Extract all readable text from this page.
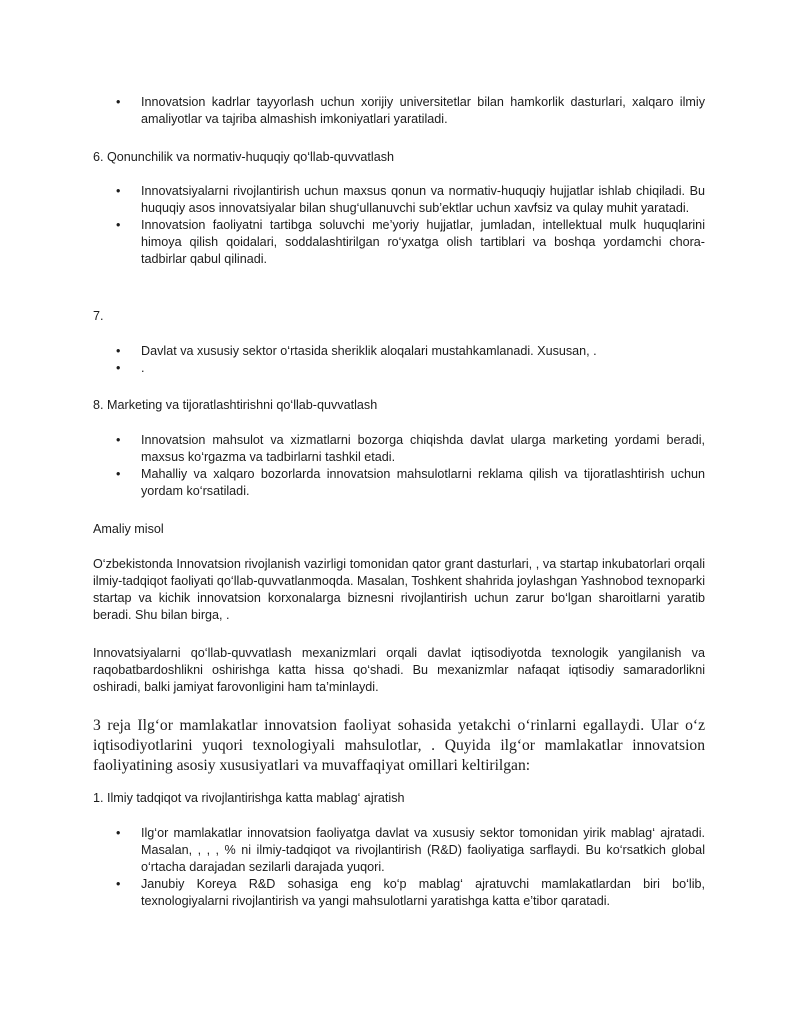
• Innovatsion kadrlar tayyorlash uchun xorijiy universitetlar bilan hamkorlik dasturlari, xalqaro ilmiy amaliyotlar va tajriba almashish imkoniyatlari yaratiladi.

6. Qonunchilik va normativ-huquqiy qo‘llab-quvvatlash

• Innovatsiyalarni rivojlantirish uchun maxsus qonun va normativ-huquqiy hujjatlar ishlab chiqiladi. Bu huquqiy asos innovatsiyalar bilan shug‘ullanuvchi sub’ektlar uchun xavfsiz va qulay muhit yaratadi.
• Innovatsion faoliyatni tartibga soluvchi me’yoriy hujjatlar, jumladan, intellektual mulk huquqlarini himoya qilish qoidalari, soddalashtirilgan ro‘yxatga olish tartiblari va boshqa yordamchi chora-tadbirlar qabul qilinadi.

7.

• Davlat va xususiy sektor o‘rtasida sheriklik aloqalari mustahkamlanadi. Xususan, .
• .

8. Marketing va tijoratlashtirishni qo‘llab-quvvatlash

• Innovatsion mahsulot va xizmatlarni bozorga chiqishda davlat ularga marketing yordami beradi, maxsus ko‘rgazma va tadbirlarni tashkil etadi.
• Mahalliy va xalqaro bozorlarda innovatsion mahsulotlarni reklama qilish va tijoratlashtirish uchun yordam ko‘rsatiladi.

Amaliy misol

O‘zbekistonda Innovatsion rivojlanish vazirligi tomonidan qator grant dasturlari, , va startap inkubatorlari orqali ilmiy-tadqiqot faoliyati qo‘llab-quvvatlanmoqda. Masalan, Toshkent shahrida joylashgan Yashnobod texnoparki startap va kichik innovatsion korxonalarga biznesni rivojlantirish uchun zarur bo‘lgan sharoitlarni yaratib beradi. Shu bilan birga, .

Innovatsiyalarni qo‘llab-quvvatlash mexanizmlari orqali davlat iqtisodiyotda texnologik yangilanish va raqobatbardoshlikni oshirishga katta hissa qo‘shadi. Bu mexanizmlar nafaqat iqtisodiy samaradorlikni oshiradi, balki jamiyat farovonligini ham ta’minlaydi.

3 reja Ilg‘or mamlakatlar innovatsion faoliyat sohasida yetakchi o‘rinlarni egallaydi. Ular o‘z iqtisodiyotlarini yuqori texnologiyali mahsulotlar, . Quyida ilg‘or mamlakatlar innovatsion faoliyatining asosiy xususiyatlari va muvaffaqiyat omillari keltirilgan:

1. Ilmiy tadqiqot va rivojlantirishga katta mablag‘ ajratish

• Ilg‘or mamlakatlar innovatsion faoliyatga davlat va xususiy sektor tomonidan yirik mablag‘ ajratadi. Masalan, , , , % ni ilmiy-tadqiqot va rivojlantirish (R&D) faoliyatiga sarflaydi. Bu ko‘rsatkich global o‘rtacha darajadan sezilarli darajada yuqori.
• Janubiy Koreya R&D sohasiga eng ko‘p mablag‘ ajratuvchi mamlakatlardan biri bo‘lib, texnologiyalarni rivojlantirish va yangi mahsulotlarni yaratishga katta e’tibor qaratadi.
